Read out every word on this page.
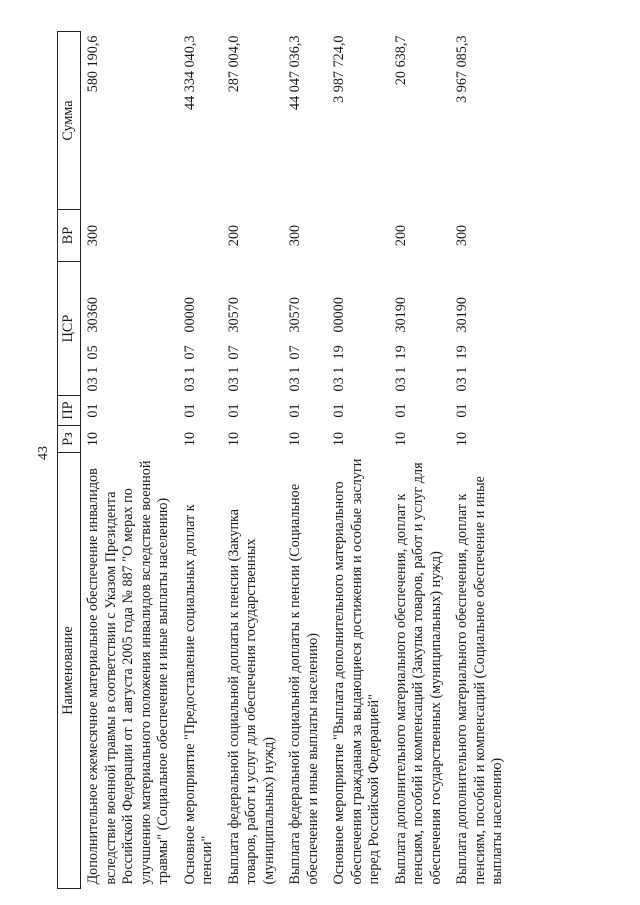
43
Наименование	Рз	ПР	ЦСР	ВР	Сумма
Дополнительное ежемесячное материальное обеспечение инвалидов вследствие военной травмы в соответствии с Указом Президента Российской Федерации от 1 августа 2005 года № 887 "О мерах по улучшению материального положения инвалидов вследствие военной травмы" (Социальное обеспечение и иные выплаты населению)	10	01	03 10530360	300	580 190,6
Основное мероприятие "Предоставление социальных доплат к пенсии"	10	01	03 10700000		44 334 040,3
Выплата федеральной социальной доплаты к пенсии (Закупка товаров, работ и услуг для обеспечения государственных (муниципальных) нужд)	10	01	03 10730570	200	287 004,0
Выплата федеральной социальной доплаты к пенсии (Социальное обеспечение и иные выплаты населению)	10	01	03 10730570	300	44 047 036,3
Основное мероприятие "Выплата дополнительного материального обеспечения гражданам за выдающиеся достижения и особые заслуги перед Российской Федерацией"	10	01	03 11900000		3 987 724,0
Выплата дополнительного материального обеспечения, доплат к пенсиям, пособий и компенсаций (Закупка товаров, работ и услуг для обеспечения государственных (муниципальных) нужд)	10	01	03 11930190	200	20 638,7
Выплата дополнительного материального обеспечения, доплат к пенсиям, пособий и компенсаций (Социальное обеспечение и иные выплаты населению)	10	01	03 11930190	300	3 967 085,3
